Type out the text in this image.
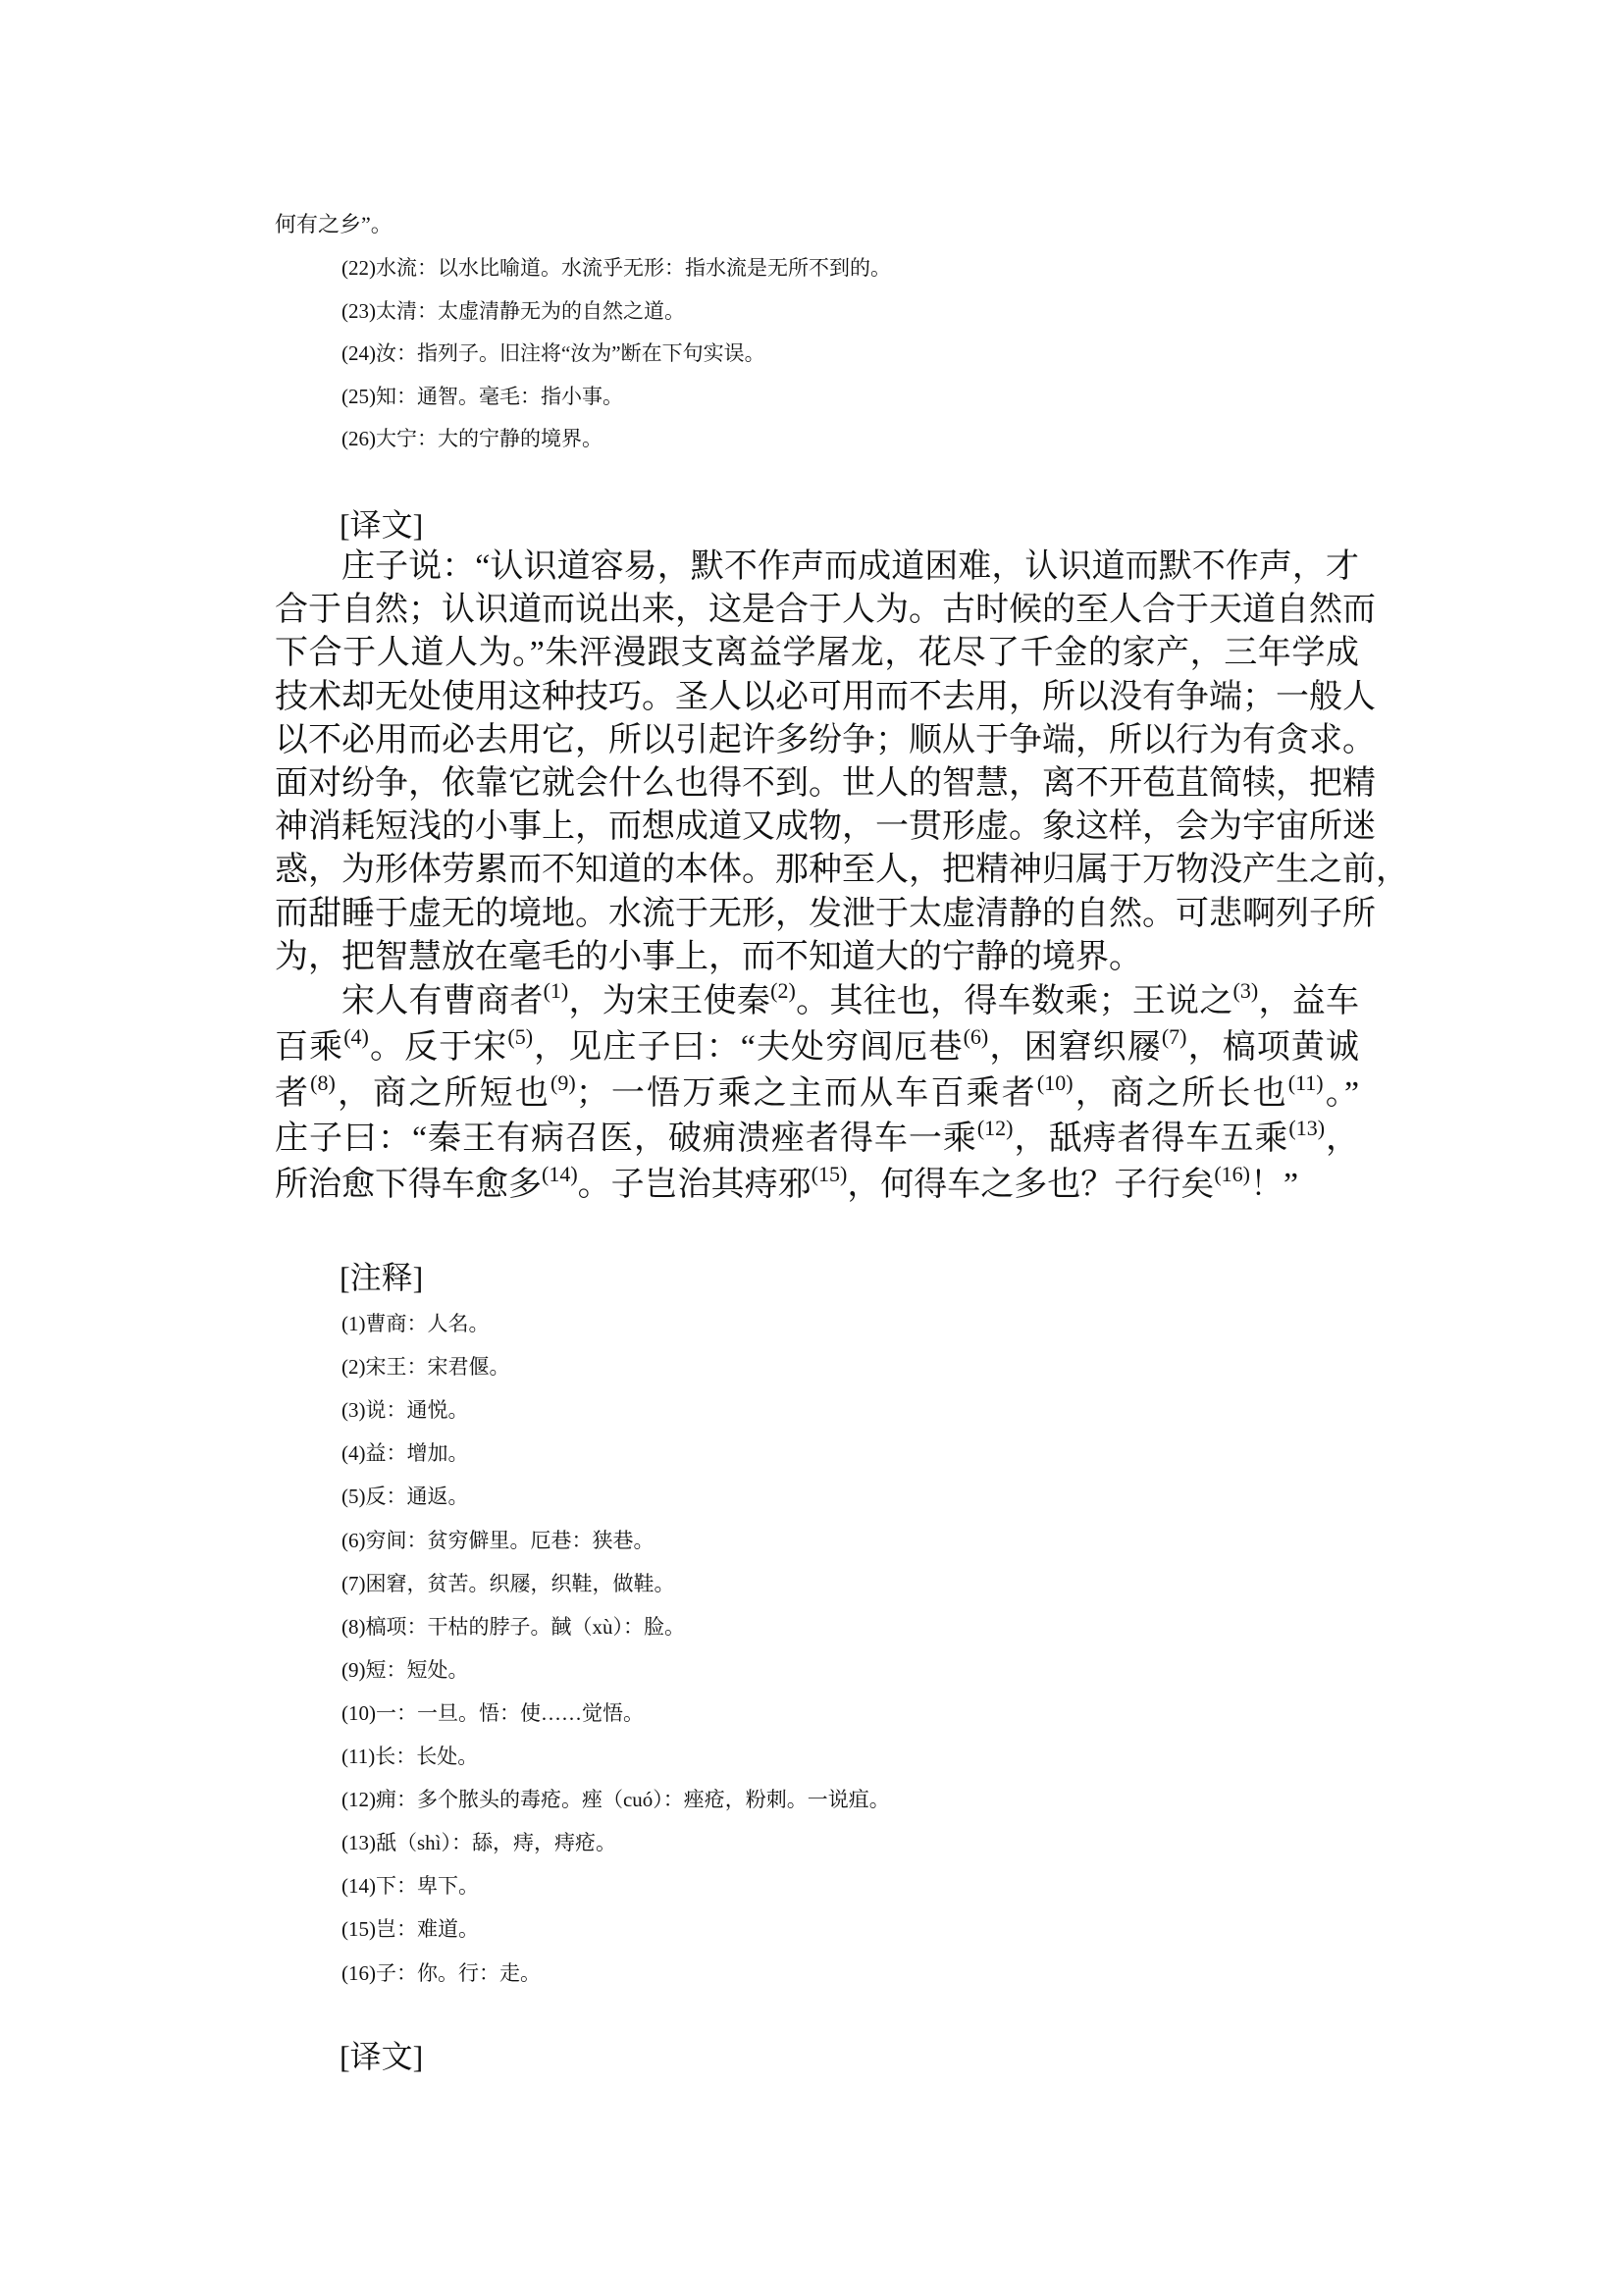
何有之乡”。
(22)水流：以水比喻道。水流乎无形：指水流是无所不到的。
(23)太清：太虚清静无为的自然之道。
(24)汝：指列子。旧注将“汝为”断在下句实误。
(25)知：通智。毫毛：指小事。
(26)大宁：大的宁静的境界。
[译文]
庄子说：“认识道容易，默不作声而成道困难，认识道而默不作声，才
合于自然；认识道而说出来，这是合于人为。古时候的至人合于天道自然而
下合于人道人为。”朱泙漫跟支离益学屠龙，花尽了千金的家产，三年学成
技术却无处使用这种技巧。圣人以必可用而不去用，所以没有争端；一般人
以不必用而必去用它，所以引起许多纷争；顺从于争端，所以行为有贪求。
面对纷争，依靠它就会什么也得不到。世人的智慧，离不开苞苴简犊，把精
神消耗短浅的小事上，而想成道又成物，一贯形虚。象这样，会为宇宙所迷
惑，为形体劳累而不知道的本体。那种至人，把精神归属于万物没产生之前，
而甜睡于虚无的境地。水流于无形，发泄于太虚清静的自然。可悲啊列子所
为，把智慧放在毫毛的小事上，而不知道大的宁静的境界。
宋人有曹商者$^{(1)}$，为宋王使秦$^{(2)}$。其往也，得车数乘；王说之$^{(3)}$，益车
百乘$^{(4)}$。反于宋$^{(5)}$，见庄子曰：“夫处穷闾厄巷$^{(6)}$，困窘织屦$^{(7)}$，槁项黄诚
者$^{(8)}$，商之所短也$^{(9)}$；一悟万乘之主而从车百乘者$^{(10)}$，商之所长也$^{(11)}$。”
庄子曰：“秦王有病召医，破痈溃痤者得车一乘$^{(12)}$，舐痔者得车五乘$^{(13)}$，
所治愈下得车愈多$^{(14)}$。子岂治其痔邪$^{(15)}$，何得车之多也？子行矣$^{(16)}$！”
[注释]
(1)曹商：人名。
(2)宋王：宋君偃。
(3)说：通悦。
(4)益：增加。
(5)反：通返。
(6)穷间：贫穷僻里。厄巷：狭巷。
(7)困窘，贫苦。织屦，织鞋，做鞋。
(8)槁项：干枯的脖子。馘（xù）：脸。
(9)短：短处。
(10)一：一旦。悟：使……觉悟。
(11)长：长处。
(12)痈：多个脓头的毒疮。痤（cuó）：痤疮，粉刺。一说疽。
(13)舐（shì）：舔，痔，痔疮。
(14)下：卑下。
(15)岂：难道。
(16)子：你。行：走。
[译文]
